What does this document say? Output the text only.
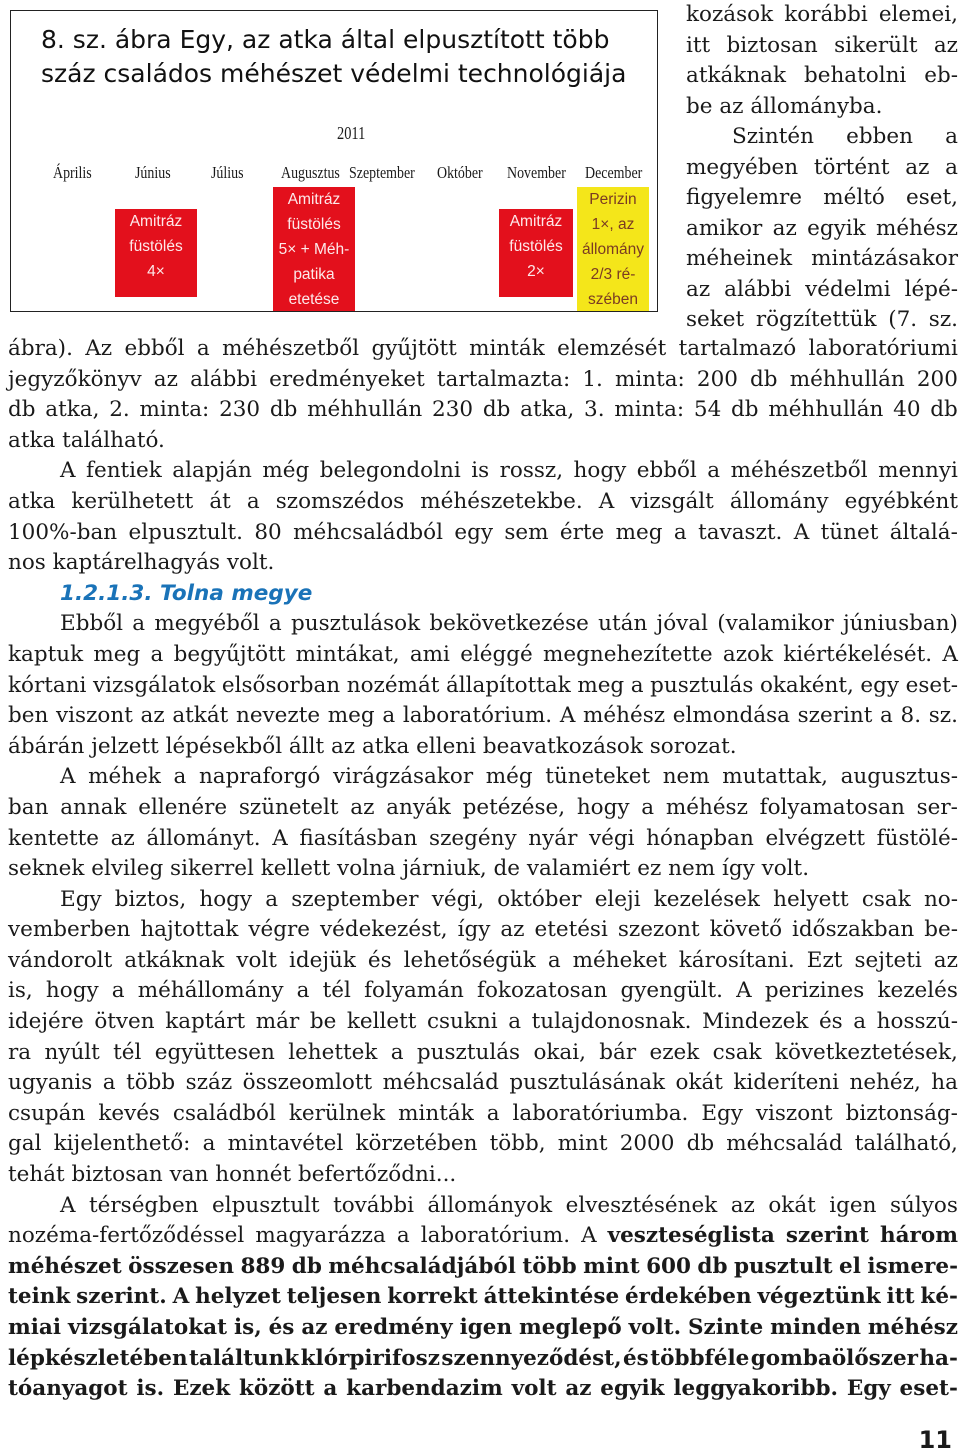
8. sz. ábra Egy, az atka által elpusztított több
száz családos méhészet védelmi technológiája
2011
Április	Június Július Augusztus Szeptember Október November December
Amitráz
füstölés
4×
Amitráz
füstölés
5× + Méh-
patika
etetése
Amitráz
füstölés
2×
Perizin
1×, az
állomány
2/3 ré-
szében
kozások korábbi elemei,
itt biztosan sikerült az
atkáknak behatolni eb-
be az állományba.
Szintén ebben a
megyében történt az a
figyelemre méltó eset,
amikor az egyik méhész
méheinek mintázásakor
az alábbi védelmi lépé-
seket rögzítettük (7. sz.
ábra). Az ebből a méhészetből gyűjtött minták elemzését tartalmazó laboratóriumi
jegyzőkönyv az alábbi eredményeket tartalmazta: 1. minta: 200 db méhhullán 200
db atka, 2. minta: 230 db méhhullán 230 db atka, 3. minta: 54 db méhhullán 40 db
atka található.
A fentiek alapján még belegondolni is rossz, hogy ebből a méhészetből mennyi
atka kerülhetett át a szomszédos méhészetekbe. A vizsgált állomány egyébként
100%-ban elpusztult. 80 méhcsaládból egy sem érte meg a tavaszt. A tünet általá-
nos kaptárelhagyás volt.
1.2.1.3. Tolna megye
Ebből a megyéből a pusztulások bekövetkezése után jóval (valamikor júniusban)
kaptuk meg a begyűjtött mintákat, ami eléggé megnehezítette azok kiértékelését. A
kórtani vizsgálatok elsősorban nozémát állapítottak meg a pusztulás okaként, egy eset-
ben viszont az atkát nevezte meg a laboratórium. A méhész elmondása szerint a 8. sz.
ábárán jelzett lépésekből állt az atka elleni beavatkozások sorozat.
A méhek a napraforgó virágzásakor még tüneteket nem mutattak, augusztus-
ban annak ellenére szünetelt az anyák petézése, hogy a méhész folyamatosan ser-
kentette az állományt. A fiasításban szegény nyár végi hónapban elvégzett füstölé-
seknek elvileg sikerrel kellett volna járniuk, de valamiért ez nem így volt.
Egy biztos, hogy a szeptember végi, október eleji kezelések helyett csak no-
vemberben hajtottak végre védekezést, így az etetési szezont követő időszakban be-
vándorolt atkáknak volt idejük és lehetőségük a méheket károsítani. Ezt sejteti az
is, hogy a méhállomány a tél folyamán fokozatosan gyengült. A perizines kezelés
idejére ötven kaptárt már be kellett csukni a tulajdonosnak. Mindezek és a hosszú-
ra nyúlt tél együttesen lehettek a pusztulás okai, bár ezek csak következtetések,
ugyanis a több száz összeomlott méhcsalád pusztulásának okát kideríteni nehéz, ha
csupán kevés családból kerülnek minták a laboratóriumba. Egy viszont biztonság-
gal kijelenthető: a mintavétel körzetében több, mint 2000 db méhcsalád található,
tehát biztosan van honnét befertőződni...
A térségben elpusztult további állományok elvesztésének az okát igen súlyos
nozéma-fertőződéssel magyarázza a laboratórium. A veszteséglista szerint három
méhészet összesen 889 db méhcsaládjából több mint 600 db pusztult el ismere-
teink szerint. A helyzet teljesen korrekt áttekintése érdekében végeztünk itt ké-
miai vizsgálatokat is, és az eredmény igen meglepő volt. Szinte minden méhész
lépkészletében találtunk klórpirifosz szennyeződést, és többféle gombaölőszer ha-
tóanyagot is. Ezek között a karbendazim volt az egyik leggyakoribb. Egy eset-
11
